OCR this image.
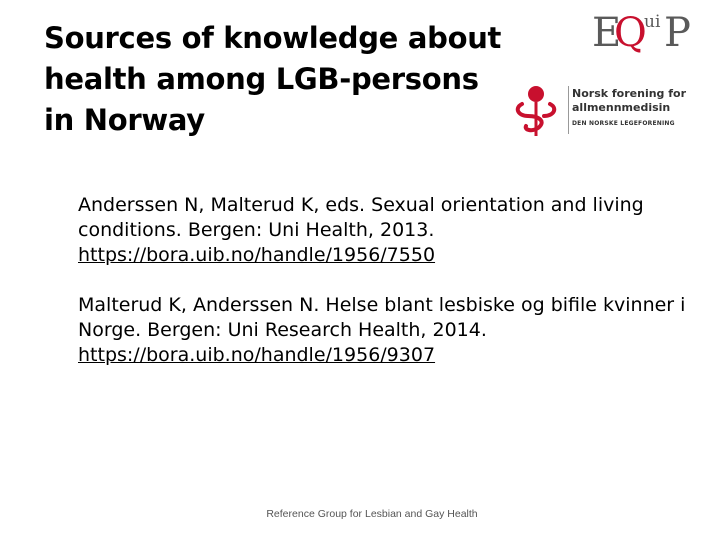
Sources of knowledge about
health among LGB-persons
in Norway
E
Q
ui P
Norsk forening for
allmennmedisin
DEN NORSKE LEGEFORENING
Anderssen N, Malterud K, eds. Sexual orientation and living conditions. Bergen: Uni Health, 2013.
https://bora.uib.no/handle/1956/7550
Malterud K, Anderssen N. Helse blant lesbiske og bifile kvinner i Norge. Bergen: Uni Research Health, 2014.
https://bora.uib.no/handle/1956/9307
Reference Group for Lesbian and Gay Health
